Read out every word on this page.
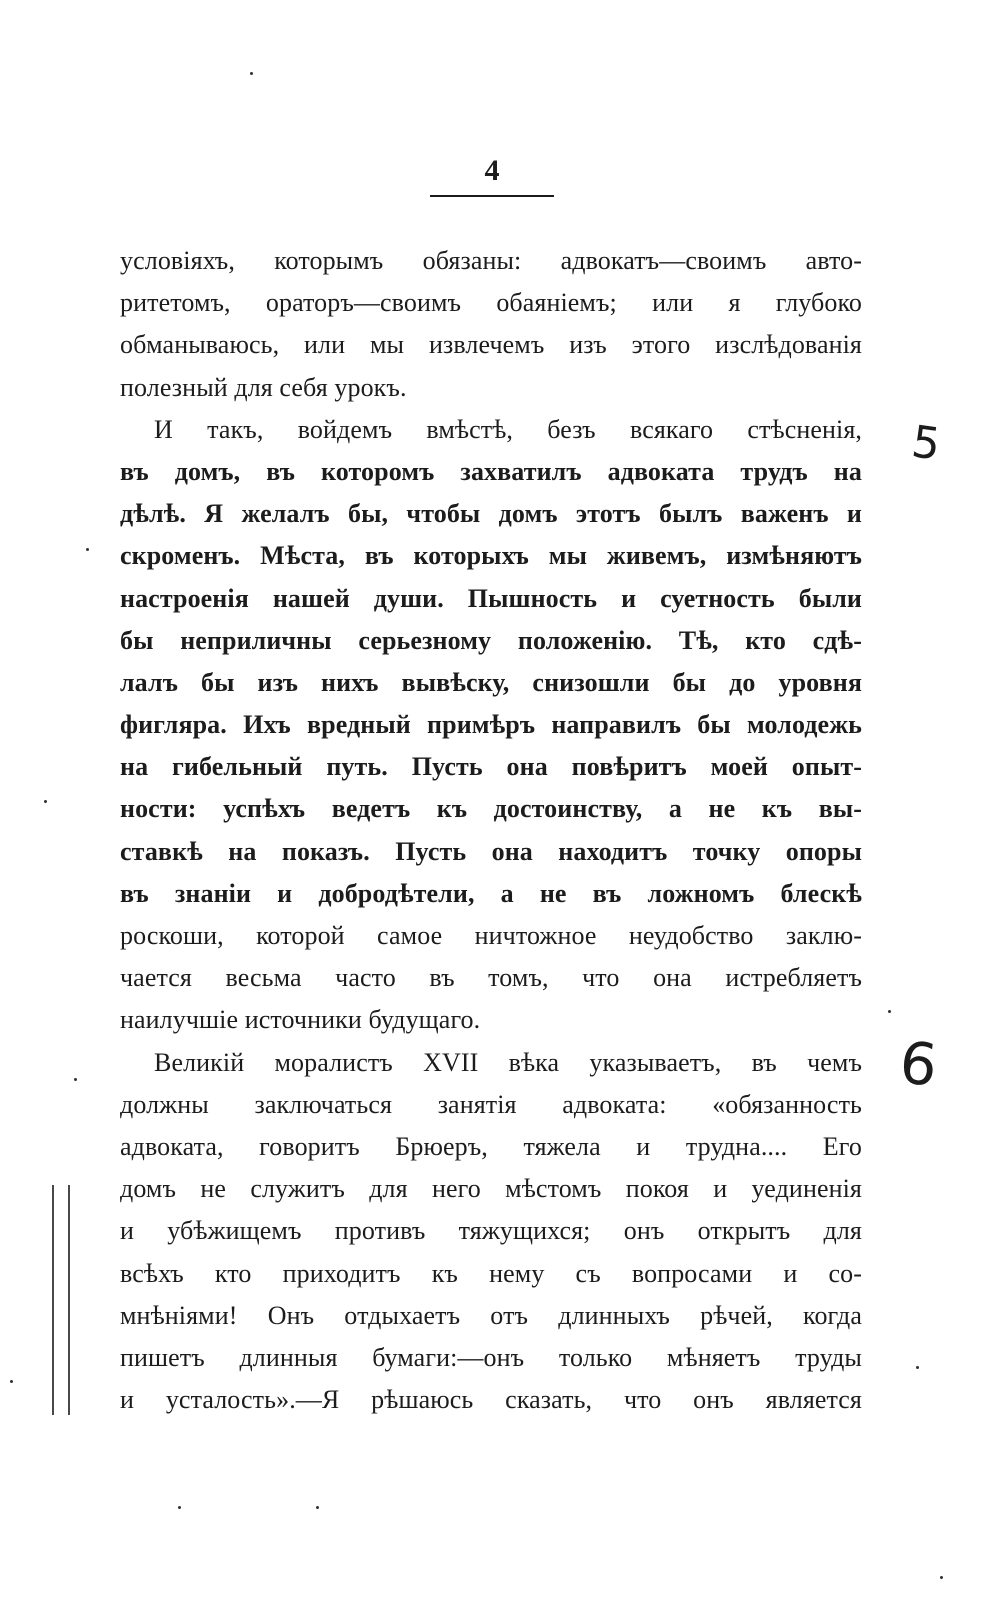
4
условіяхъ, которымъ обязаны: адвокатъ—своимъ авто-
ритетомъ, ораторъ—своимъ обаяніемъ; или я глубоко
обманываюсь, или мы извлечемъ изъ этого изслѣдованія
полезный для себя урокъ.
И такъ, войдемъ вмѣстѣ, безъ всякаго стѣсненія,
въ домъ, въ которомъ захватилъ адвоката трудъ на
дѣлѣ. Я желалъ бы, чтобы домъ этотъ былъ важенъ и
скроменъ. Мѣста, въ которыхъ мы живемъ, измѣняютъ
настроенія нашей души. Пышность и суетность были
бы неприличны серьезному положенію. Тѣ, кто сдѣ-
лалъ бы изъ нихъ вывѣску, снизошли бы до уровня
фигляра. Ихъ вредный примѣръ направилъ бы молодежь
на гибельный путь. Пусть она повѣритъ моей опыт-
ности: успѣхъ ведетъ къ достоинству, а не къ вы-
ставкѣ на показъ. Пусть она находитъ точку опоры
въ знаніи и добродѣтели, а не въ ложномъ блескѣ
роскоши, которой самое ничтожное неудобство заклю-
чается весьма часто въ томъ, что она истребляетъ
наилучшіе источники будущаго.
Великій моралистъ XVII вѣка указываетъ, въ чемъ
должны заключаться занятія адвоката: «обязанность
адвоката, говоритъ Брюеръ, тяжела и трудна.... Его
домъ не служитъ для него мѣстомъ покоя и уединенія
и убѣжищемъ противъ тяжущихся; онъ открытъ для
всѣхъ кто приходитъ къ нему съ вопросами и со-
мнѣніями! Онъ отдыхаетъ отъ длинныхъ рѣчей, когда
пишетъ длинныя бумаги:—онъ только мѣняетъ труды
и усталость».—Я рѣшаюсь сказать, что онъ является
5
6
